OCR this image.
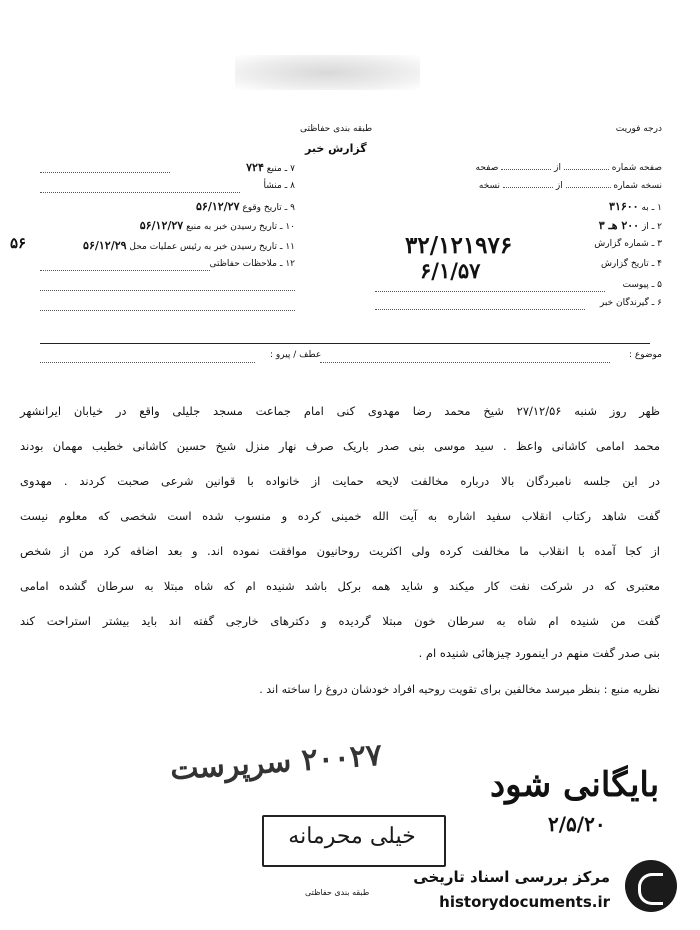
طبقه بندی حفاظتی	درجه فوریت
گزارش خبر
صفحه شماره  از  صفحه
نسخه شماره  از  نسخه
۱ ـ به ۳۱۶۰۰
۲ ـ از ۲۰۰ هـ ۳
۳ ـ شماره گزارش
۳۲/۱۲۱۹۷۶
۴ ـ تاریخ گزارش
۶/۱/۵۷
۵ ـ پیوست
۶ ـ گیرندگان خبر
۷ ـ منبع ۷۲۴
۸ ـ منشأ
۹ ـ تاریخ وقوع ۵۶/۱۲/۲۷
۱۰ ـ تاریخ رسیدن خبر به منبع ۵۶/۱۲/۲۷
۱۱ ـ تاریخ رسیدن خبر به رئیس عملیات محل ۵۶/۱۲/۲۹
۵۶
۱۲ ـ ملاحظات حفاظتی
عطف / پیرو :	موضوع :
ظهر روز شنبه ۲۷/۱۲/۵۶ شیخ محمد رضا مهدوی کنی امام جماعت مسجد جلیلی واقع در خیابان ایرانشهر
محمد امامی کاشانی واعظ . سید موسی بنی صدر باریک صرف نهار منزل شیخ حسین کاشانی خطیب مهمان بودند
در این جلسه نامبردگان بالا درباره مخالفت لایحه حمایت از خانواده با قوانین شرعی صحبت کردند . مهدوی
گفت شاهد رکتاب انقلاب سفید اشاره به آیت الله خمینی کرده و منسوب شده است شخصی که معلوم نیست
از کجا آمده با انقلاب ما مخالفت کرده ولی اکثریت روحانیون موافقت نموده اند. و بعد اضافه کرد من از شخص
معتبری که در شرکت نفت کار میکند و شاید همه برکل باشد شنیده ام که شاه مبتلا به سرطان گشده امامی
گفت من شنیده ام شاه به سرطان خون مبتلا گردیده و دکترهای خارجی گفته اند باید بیشتر استراحت کند
بنی صدر گفت منهم در اینمورد چیزهائی شنیده ام .
نظریه منبع : بنظر میرسد مخالفین برای تقویت روحیه افراد خودشان دروغ را ساخته اند .
۲۰۰۲۷ سرپرست
بایگانی شود
۲/۵/۲۰
خیلی محرمانه
طبقه بندی حفاظتی
مرکز بررسی اسناد تاریخی
historydocuments.ir
